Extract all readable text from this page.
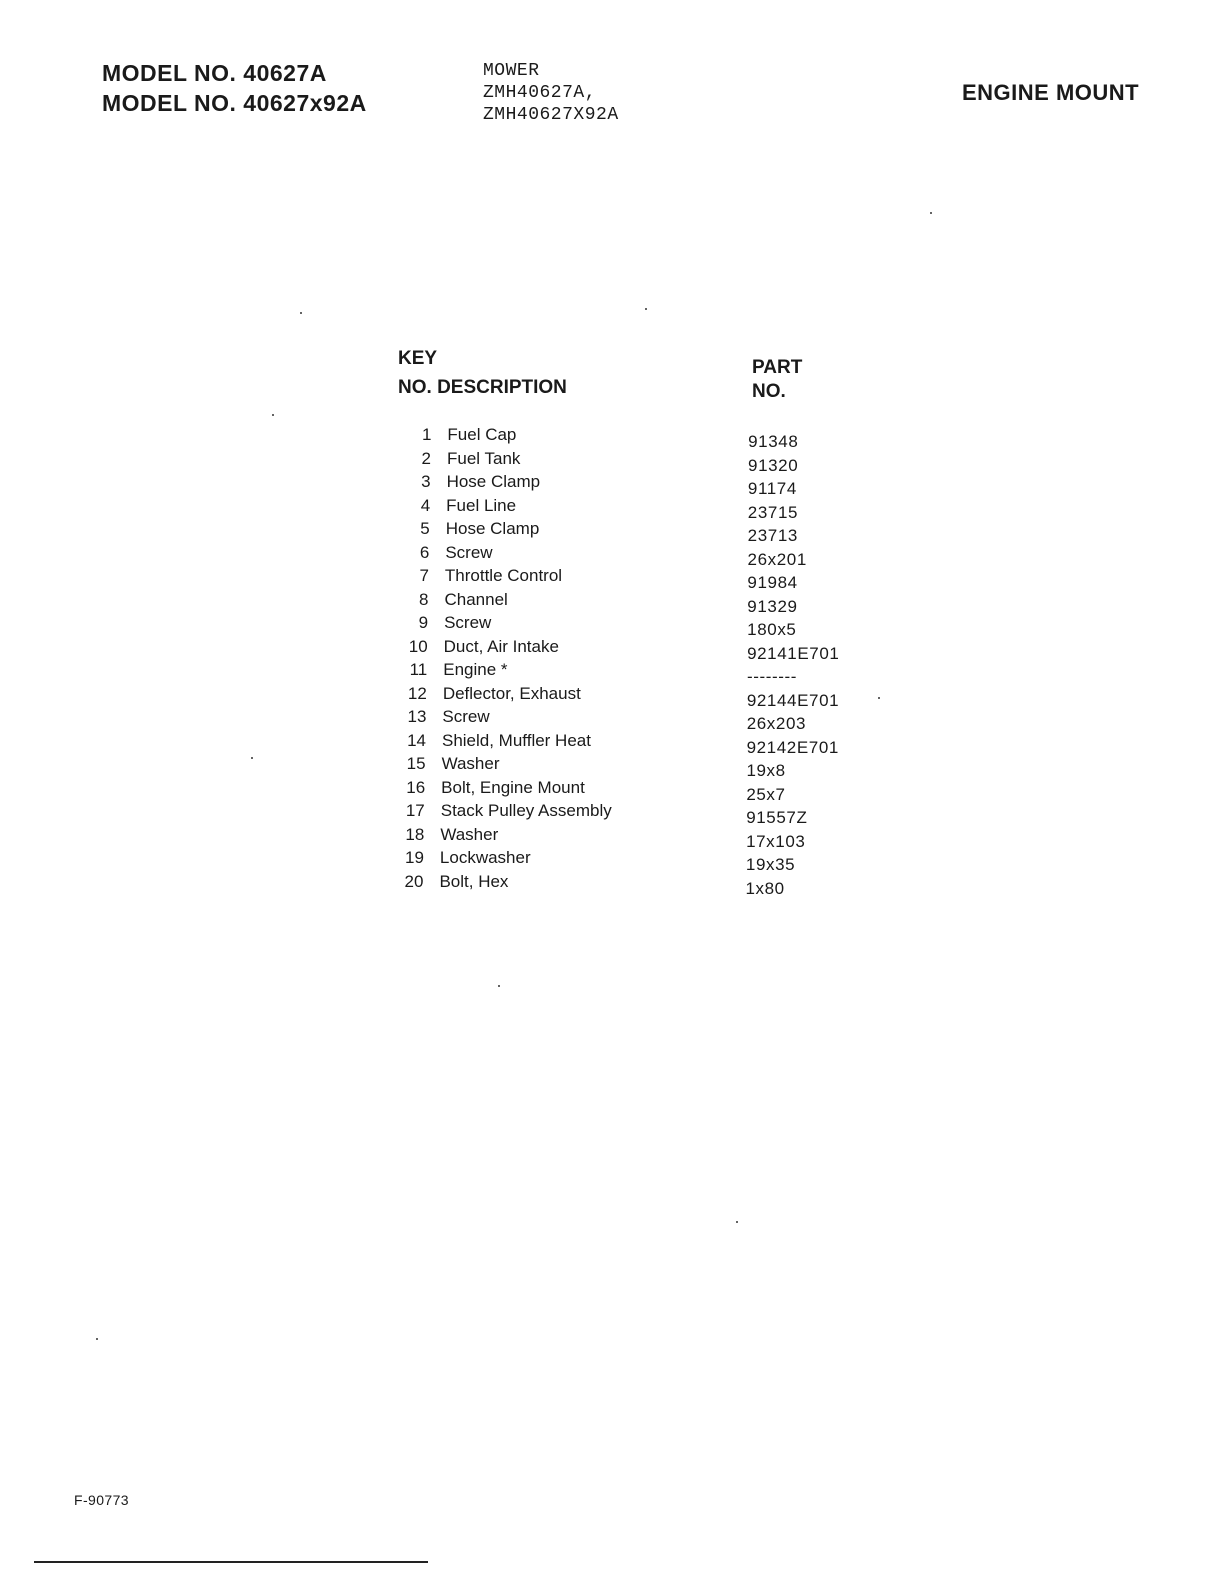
MODEL NO. 40627A
MODEL NO. 40627x92A
MOWER
ZMH40627A,
ZMH40627X92A
ENGINE MOUNT
KEY
NO. DESCRIPTION
PART
NO.
1 Fuel Cap	91348
2 Fuel Tank	91320
3 Hose Clamp	91174
4 Fuel Line	23715
5 Hose Clamp	23713
6 Screw	26x201
7 Throttle Control	91984
8 Channel	91329
9 Screw	180x5
10 Duct, Air Intake	92141E701
11 Engine *	--------
12 Deflector, Exhaust	92144E701
13 Screw	26x203
14 Shield, Muffler Heat	92142E701
15 Washer	19x8
16 Bolt, Engine Mount	25x7
17 Stack Pulley Assembly	91557Z
18 Washer	17x103
19 Lockwasher	19x35
20 Bolt, Hex	1x80
F-90773
